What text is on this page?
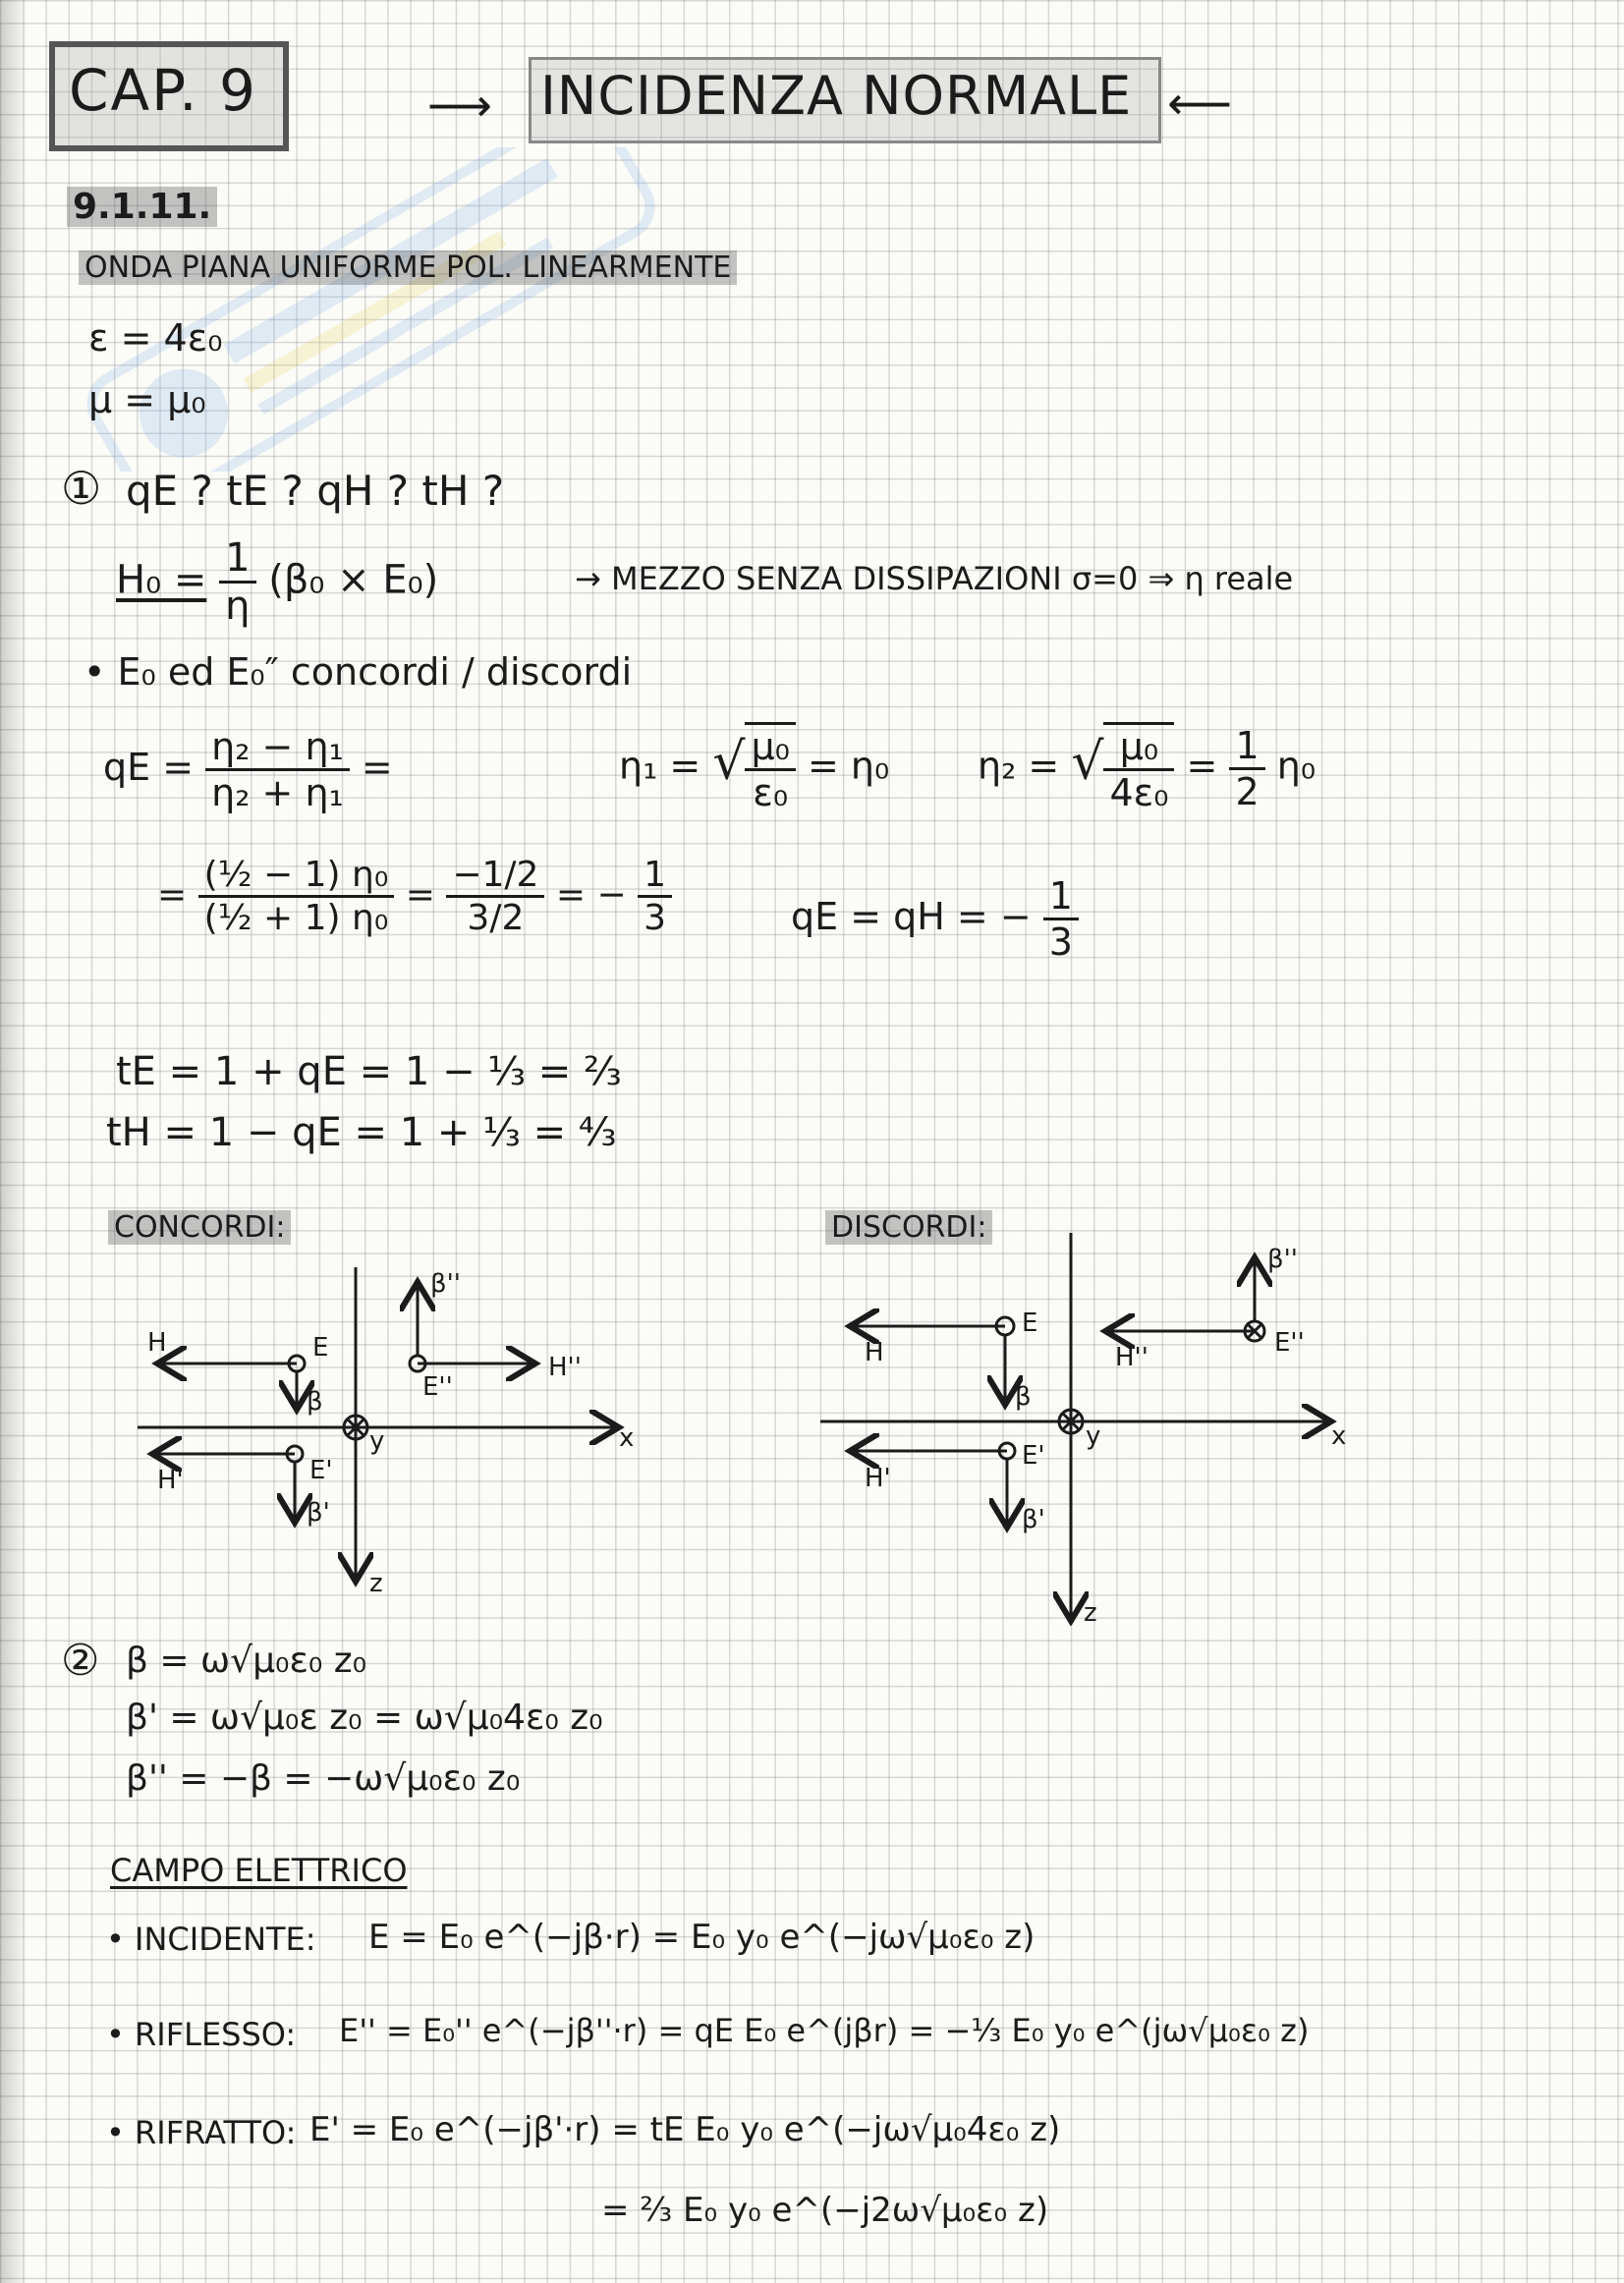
CAP. 9	⟶ INCIDENZA NORMALE ⟵
9.1.11.
ONDA PIANA UNIFORME POL. LINEARMENTE
ε = 4ε₀
μ = μ₀
① qE ? tE ? qH ? tH ?
$H_0 = \frac{1}{\eta} (\beta_0 \times E_0)$	→ MEZZO SENZA DISSIPAZIONI σ=0 ⇒ η reale
• E₀ ed E₀″ concordi / discordi
qE = $\frac{\text{η₂ − η₁}}{\text{η₂ + η₁}}$ =	η₁ = √ $\frac{\text{μ₀}}{\text{ε₀}} = \eta_0$ η₂ = √ $\frac{\text{μ₀}}{\text{4ε₀}} = \frac{1}{2} \eta_0$
= $\frac{\text{(½ − 1) η₀}}{\text{(½ + 1) η₀}} = \frac{-1/2}{3/2}$ = − $\frac{1}{3}$	qE = qH = − $\frac{1}{3}$
tE = 1 + qE = 1 − ⅓ = ⅔
tH = 1 − qE = 1 + ⅓ = ⁴⁄₃
CONCORDI:	DISCORDI:
H	E
β
β''
E''
H''
y	x
E'
H'
β'
z
β''
E
H	H''	E''
β
y	x
E'
H'
β'
z
② β = ω√μ₀ε₀ z₀
β' = ω√μ₀ε z₀ = ω√μ₀4ε₀ z₀
β'' = −β = −ω√μ₀ε₀ z₀
CAMPO ELETTRICO
• INCIDENTE: E = E₀ e^(−jβ·r) = E₀ y₀ e^(−jω√μ₀ε₀ z)
• RIFLESSO: E'' = E₀'' e^(−jβ''·r) = qE E₀ e^(jβr) = −⅓ E₀ y₀ e^(jω√μ₀ε₀ z)
• RIFRATTO: E' = E₀ e^(−jβ'·r) = tE E₀ y₀ e^(−jω√μ₀4ε₀ z)
= ⅔ E₀ y₀ e^(−j2ω√μ₀ε₀ z)
